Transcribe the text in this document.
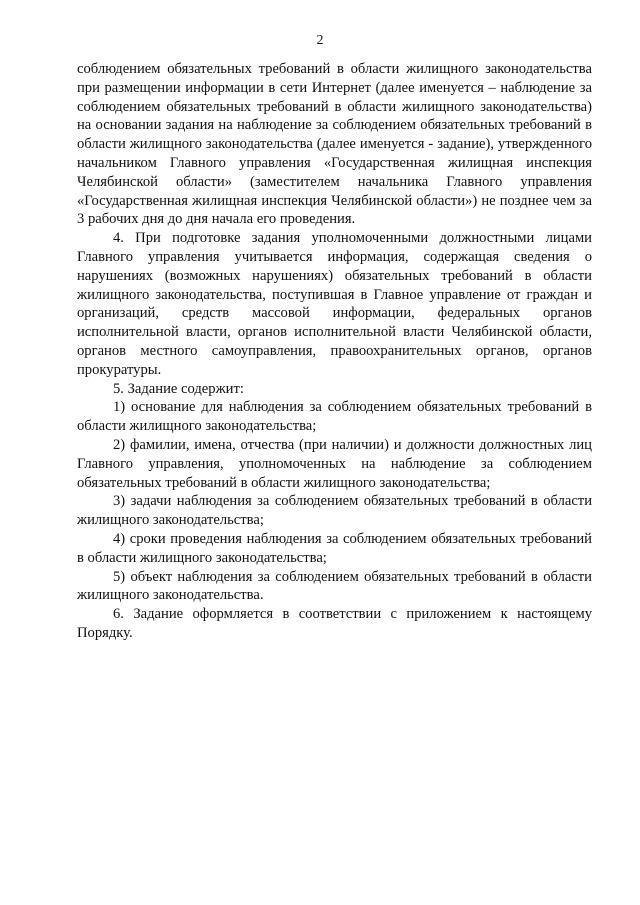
2

соблюдением обязательных требований в области жилищного законодательства при размещении информации в сети Интернет (далее именуется – наблюдение за соблюдением обязательных требований в области жилищного законодательства) на основании задания на наблюдение за соблюдением обязательных требований в области жилищного законодательства (далее именуется - задание), утвержденного начальником Главного управления «Государственная жилищная инспекция Челябинской области» (заместителем начальника Главного управления «Государственная жилищная инспекция Челябинской области») не позднее чем за 3 рабочих дня до дня начала его проведения.

4. При подготовке задания уполномоченными должностными лицами Главного управления учитывается информация, содержащая сведения о нарушениях (возможных нарушениях) обязательных требований в области жилищного законодательства, поступившая в Главное управление от граждан и организаций, средств массовой информации, федеральных органов исполнительной власти, органов исполнительной власти Челябинской области, органов местного самоуправления, правоохранительных органов, органов прокуратуры.

5. Задание содержит:

1) основание для наблюдения за соблюдением обязательных требований в области жилищного законодательства;

2) фамилии, имена, отчества (при наличии) и должности должностных лиц Главного управления, уполномоченных на наблюдение за соблюдением обязательных требований в области жилищного законодательства;

3) задачи наблюдения за соблюдением обязательных требований в области жилищного законодательства;

4) сроки проведения наблюдения за соблюдением обязательных требований в области жилищного законодательства;

5) объект наблюдения за соблюдением обязательных требований в области жилищного законодательства.

6. Задание оформляется в соответствии с приложением к настоящему Порядку.
